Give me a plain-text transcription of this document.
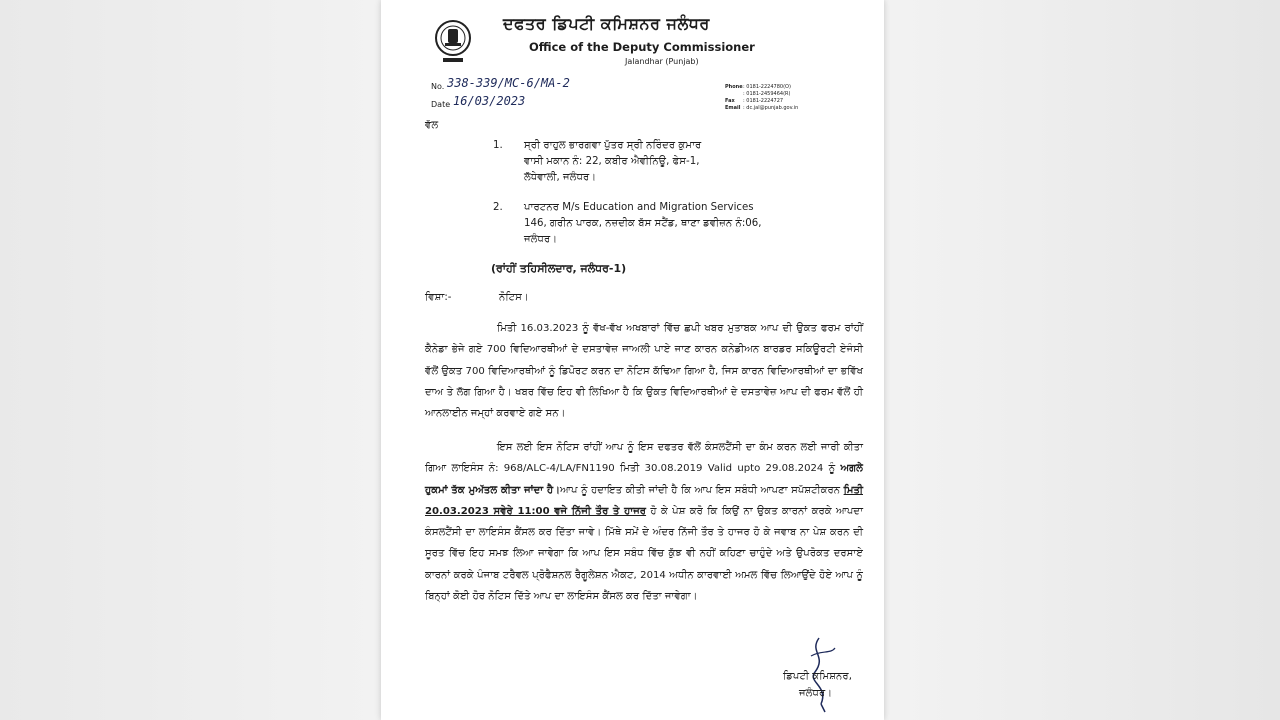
ਦਫਤਰ ਡਿਪਟੀ ਕਮਿਸ਼ਨਰ ਜਲੰਧਰ
Office of the Deputy Commissioner
Jalandhar (Punjab)
No. 338-339/MC-6/MA-2
Date 16/03/2023
Phone: 0181-2224780(O)
: 0181-2459464(R)
Fax : 0181-2224727
Email : dc.jal@punjab.gov.in
ਵੱਲ
1. ਸ੍ਰੀ ਰਾਹੁਲ ਭਾਰਗਵਾ ਪੁੱਤਰ ਸ੍ਰੀ ਨਰਿੰਦਰ ਕੁਮਾਰ
ਵਾਸੀ ਮਕਾਨ ਨੰ: 22, ਕਬੀਰ ਐਵੀਨਿਊ, ਫੇਸ-1,
ਲੱਧੇਵਾਲੀ, ਜਲੰਧਰ।
2. ਪਾਰਟਨਰ M/s Education and Migration Services
146, ਗਰੀਨ ਪਾਰਕ, ਨਜ਼ਦੀਕ ਬੱਸ ਸਟੈਂਡ, ਥਾਣਾ ਡਵੀਜ਼ਨ ਨੰ:06,
ਜਲੰਧਰ।
(ਰਾਂਹੀਂ ਤਹਿਸੀਲਦਾਰ, ਜਲੰਧਰ-1)
ਵਿਸ਼ਾ:-	ਨੋਟਿਸ।
ਮਿਤੀ 16.03.2023 ਨੂੰ ਵੱਖ-ਵੱਖ ਅਖਬਾਰਾਂ ਵਿੱਚ ਛਪੀ ਖਬਰ ਮੁਤਾਬਕ ਆਪ ਦੀ ਉਕਤ ਫਰਮ ਰਾਂਹੀਂ ਕੈਨੇਡਾ ਭੇਜੇ ਗਏ 700 ਵਿਦਿਆਰਥੀਆਂ ਦੇ ਦਸਤਾਵੇਜ਼ ਜਾਅਲੀ ਪਾਏ ਜਾਣ ਕਾਰਨ ਕਨੇਡੀਅਨ ਬਾਰਡਰ ਸਕਿਊਰਟੀ ਏਜੰਸੀ ਵੱਲੋਂ ਉਕਤ 700 ਵਿਦਿਆਰਥੀਆਂ ਨੂੰ ਡਿਪੋਰਟ ਕਰਨ ਦਾ ਨੋਟਿਸ ਕੱਢਿਆ ਗਿਆ ਹੈ, ਜਿਸ ਕਾਰਨ ਵਿਦਿਆਰਥੀਆਂ ਦਾ ਭਵਿੱਖ ਦਾਅ ਤੇ ਲੱਗ ਗਿਆ ਹੈ। ਖਬਰ ਵਿੱਚ ਇਹ ਵੀ ਲਿਖਿਆ ਹੈ ਕਿ ਉਕਤ ਵਿਦਿਆਰਥੀਆਂ ਦੇ ਦਸਤਾਵੇਜ਼ ਆਪ ਦੀ ਫਰਮ ਵੱਲੋਂ ਹੀ ਆਨਲਾਈਨ ਜਮ੍ਹਾਂ ਕਰਵਾਏ ਗਏ ਸਨ।
ਇਸ ਲਈ ਇਸ ਨੋਟਿਸ ਰਾਂਹੀਂ ਆਪ ਨੂੰ ਇਸ ਦਫਤਰ ਵੱਲੋਂ ਕੰਸਲਟੈਂਸੀ ਦਾ ਕੰਮ ਕਰਨ ਲਈ ਜਾਰੀ ਕੀਤਾ ਗਿਆ ਲਾਇਸੰਸ ਨੰ: 968/ALC-4/LA/FN1190 ਮਿਤੀ 30.08.2019 Valid upto 29.08.2024 ਨੂੰ ਅਗਲੇ ਹੁਕਮਾਂ ਤੱਕ ਮੁਅੱਤਲ ਕੀਤਾ ਜਾਂਦਾ ਹੈ।ਆਪ ਨੂੰ ਹਦਾਇਤ ਕੀਤੀ ਜਾਂਦੀ ਹੈ ਕਿ ਆਪ ਇਸ ਸਬੰਧੀ ਆਪਣਾ ਸਪੱਸ਼ਟੀਕਰਨ ਮਿਤੀ 20.03.2023 ਸਵੇਰੇ 11:00 ਵਜੇ ਨਿੱਜੀ ਤੌਰ ਤੇ ਹਾਜਰ ਹੋ ਕੇ ਪੇਸ਼ ਕਰੋ ਕਿ ਕਿਉਂ ਨਾ ਉਕਤ ਕਾਰਨਾਂ ਕਰਕੇ ਆਪਦਾ ਕੰਸਲਟੈਂਸੀ ਦਾ ਲਾਇਸੰਸ ਕੈਂਸਲ ਕਰ ਦਿੱਤਾ ਜਾਵੇ। ਮਿੱਥੇ ਸਮੇਂ ਦੇ ਅੰਦਰ ਨਿੱਜੀ ਤੌਰ ਤੇ ਹਾਜਰ ਹੋ ਕੇ ਜਵਾਬ ਨਾ ਪੇਸ਼ ਕਰਨ ਦੀ ਸੂਰਤ ਵਿੱਚ ਇਹ ਸਮਝ ਲਿਆ ਜਾਵੇਗਾ ਕਿ ਆਪ ਇਸ ਸਬੰਧ ਵਿੱਚ ਕੁੱਝ ਵੀ ਨਹੀਂ ਕਹਿਣਾ ਚਾਹੁੰਦੇ ਅਤੇ ਉਪਰੋਕਤ ਦਰਸਾਏ ਕਾਰਨਾਂ ਕਰਕੇ ਪੰਜਾਬ ਟਰੈਵਲ ਪ੍ਰੋਫੈਸ਼ਨਲ ਰੈਗੂਲੇਸ਼ਨ ਐਕਟ, 2014 ਅਧੀਨ ਕਾਰਵਾਈ ਅਮਲ ਵਿੱਚ ਲਿਆਉਂਦੇ ਹੋਏ ਆਪ ਨੂੰ ਬਿਨ੍ਹਾਂ ਕੋਈ ਹੋਰ ਨੋਟਿਸ ਦਿੱਤੇ ਆਪ ਦਾ ਲਾਇਸੰਸ ਕੈਂਸਲ ਕਰ ਦਿੱਤਾ ਜਾਵੇਗਾ।
ਡਿਪਟੀ ਕਮਿਸ਼ਨਰ,
ਜਲੰਧਰ।
